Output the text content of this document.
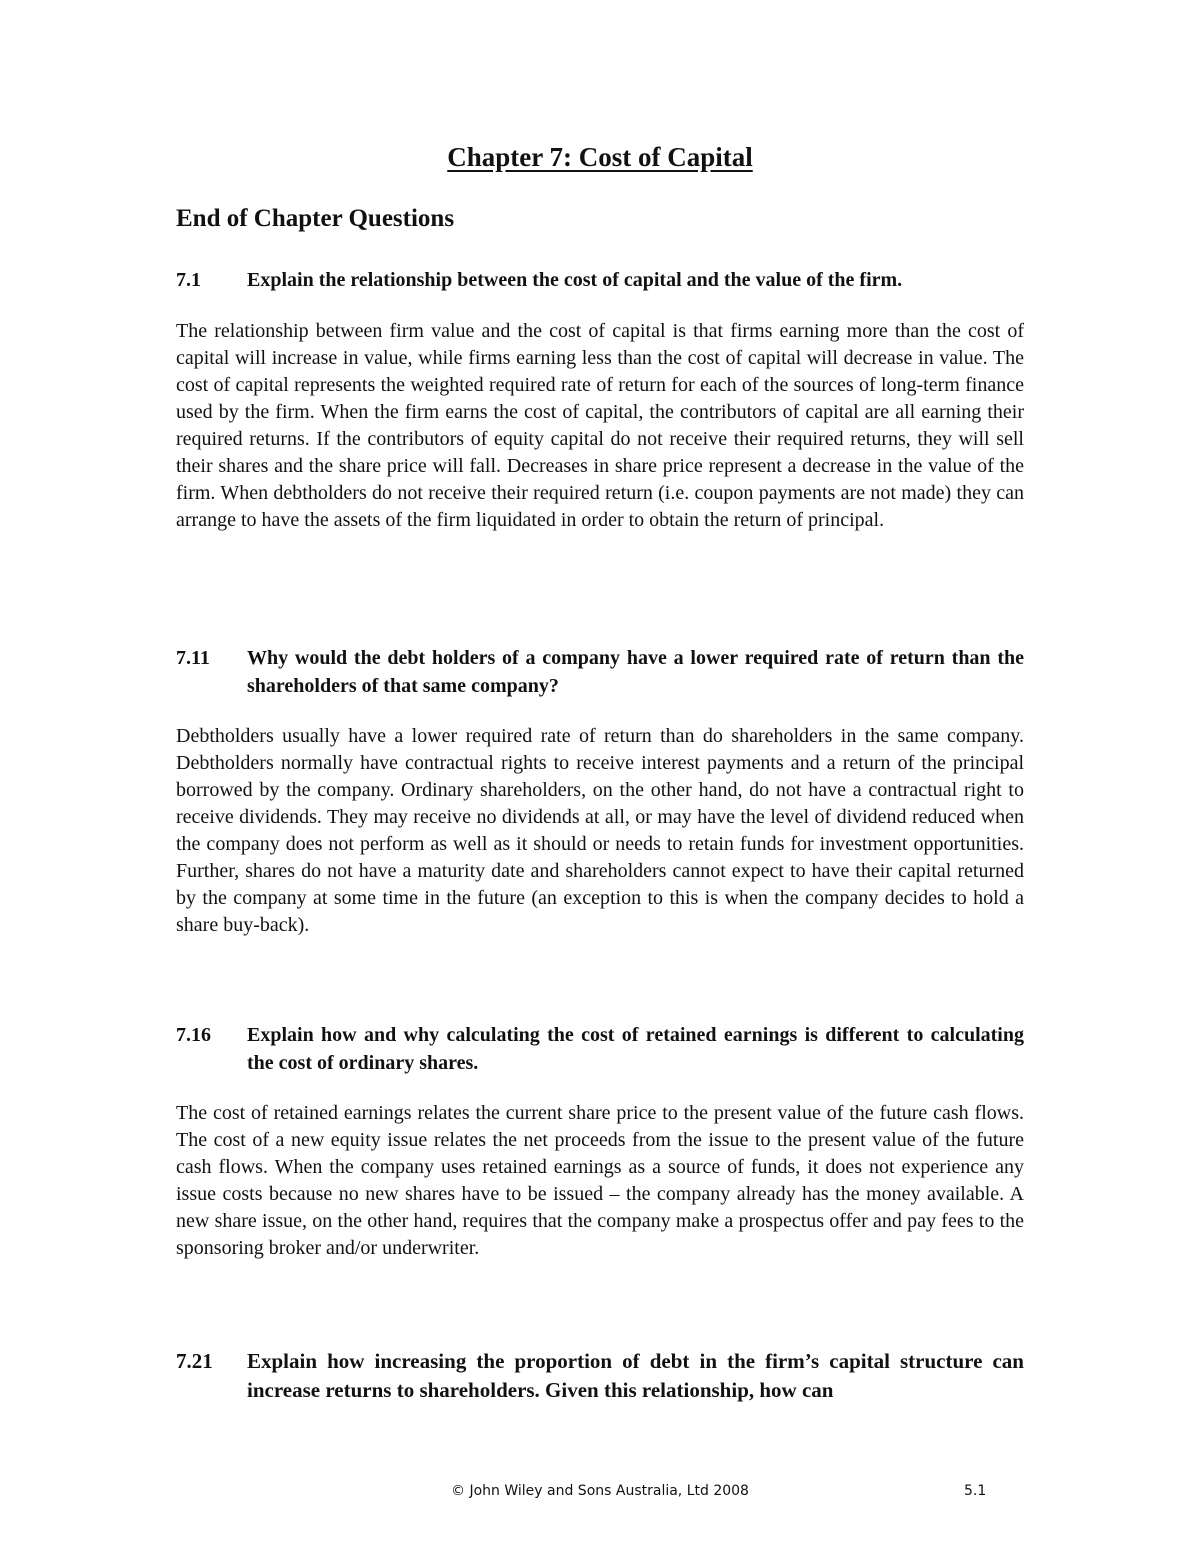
Chapter 7: Cost of Capital
End of Chapter Questions
7.1	Explain the relationship between the cost of capital and the value of the firm.

The relationship between firm value and the cost of capital is that firms earning more than the cost of capital will increase in value, while firms earning less than the cost of capital will decrease in value. The cost of capital represents the weighted required rate of return for each of the sources of long-term finance used by the firm. When the firm earns the cost of capital, the contributors of capital are all earning their required returns. If the contributors of equity capital do not receive their required returns, they will sell their shares and the share price will fall. Decreases in share price represent a decrease in the value of the firm. When debtholders do not receive their required return (i.e. coupon payments are not made) they can arrange to have the assets of the firm liquidated in order to obtain the return of principal.

7.11	Why would the debt holders of a company have a lower required rate of return than the shareholders of that same company?

Debtholders usually have a lower required rate of return than do shareholders in the same company. Debtholders normally have contractual rights to receive interest payments and a return of the principal borrowed by the company. Ordinary shareholders, on the other hand, do not have a contractual right to receive dividends. They may receive no dividends at all, or may have the level of dividend reduced when the company does not perform as well as it should or needs to retain funds for investment opportunities. Further, shares do not have a maturity date and shareholders cannot expect to have their capital returned by the company at some time in the future (an exception to this is when the company decides to hold a share buy-back).

7.16	Explain how and why calculating the cost of retained earnings is different to calculating the cost of ordinary shares.

The cost of retained earnings relates the current share price to the present value of the future cash flows. The cost of a new equity issue relates the net proceeds from the issue to the present value of the future cash flows. When the company uses retained earnings as a source of funds, it does not experience any issue costs because no new shares have to be issued – the company already has the money available. A new share issue, on the other hand, requires that the company make a prospectus offer and pay fees to the sponsoring broker and/or underwriter.

7.21	Explain how increasing the proportion of debt in the firm’s capital structure can increase returns to shareholders. Given this relationship, how can
© John Wiley and Sons Australia, Ltd 2008	5.1
